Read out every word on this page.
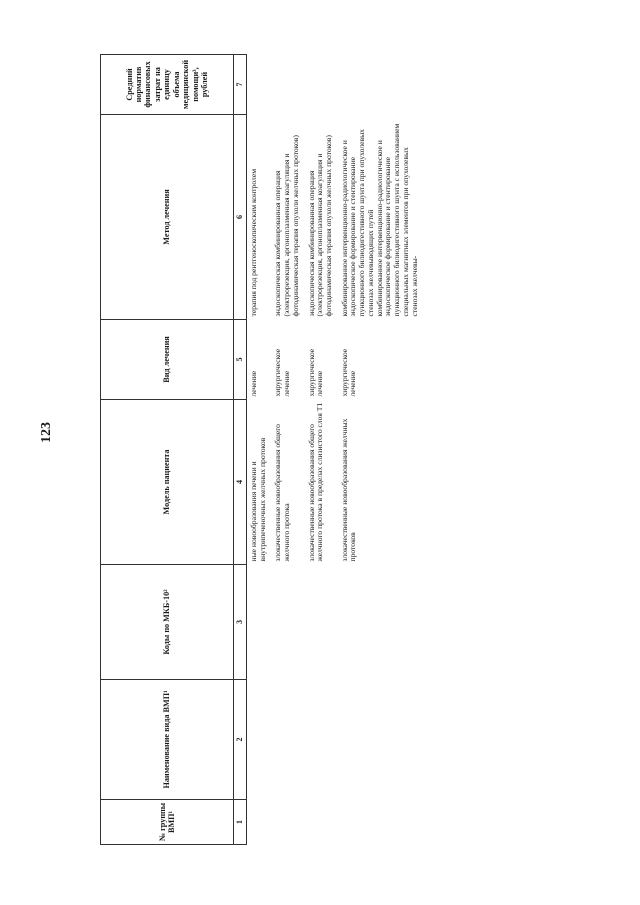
123
№ группы ВМП¹	Наименование вида ВМП¹	Коды по МКБ-10²	Модель пациента	Вид лечения	Метод лечения	Средний норматив финансовых затрат на единицу объема медицинской помощи³, рублей
1	2	3	4	5	6	7
			ные новообразования печени и внутрипеченочных желчных протоков	лечение	терапия под рентгеноскопическим контролем	
			злокачественные новообразования общего желчного протока	хирургическое лечение	эндоскопическая комбинированная операция (электрорезекция, аргоноплазменная коагуляция и фотодинамическая терапия опухоли желчных протоков)	
			злокачественные новообразования общего желчного протока в пределах слизистого слоя T1	хирургическое лечение	эндоскопическая комбинированная операция (электрорезекция, аргоноплазменная коагуляция и фотодинамическая терапия опухоли желчных протоков)	
			злокачественные новообразования желчных протоков	хирургическое лечение	комбинированное интервенционно-радиологическое и эндоскопическое формирование и стентирование пункционного билиодигестивного шунта при опухолевых стенозах желчевыводящих путей
комбинированное интервенционно-радиологическое и эндоскопическое формирование и стентирование пункционного билиодигестивного шунта с использованием специальных магнитных элементов при опухолевых стенозах желчевы-	
